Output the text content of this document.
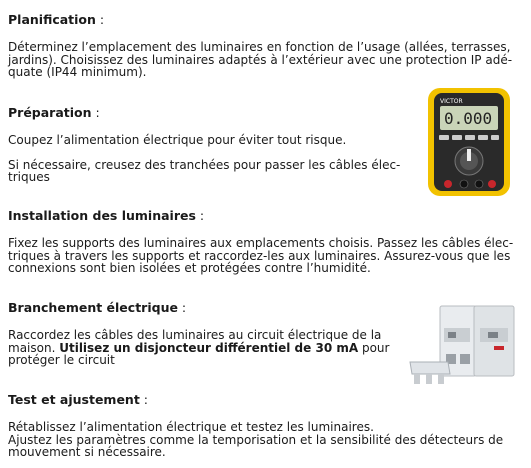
Planification :

Déterminez l’emplacement des luminaires en fonction de l’usage (allées, terrasses,
jardins). Choisissez des luminaires adaptés à l’extérieur avec une protection IP adé-
quate (IP44 minimum).

Préparation :

Coupez l’alimentation électrique pour éviter tout risque.

Si nécessaire, creusez des tranchées pour passer les câbles élec-
triques

VICTOR
0.000
Installation des luminaires :

Fixez les supports des luminaires aux emplacements choisis. Passez les câbles élec-
triques à travers les supports et raccordez-les aux luminaires. Assurez-vous que les
connexions sont bien isolées et protégées contre l’humidité.

Branchement électrique :

Raccordez les câbles des luminaires au circuit électrique de la
maison. Utilisez un disjoncteur différentiel de 30 mA pour
protéger le circuit

Test et ajustement :

Rétablissez l’alimentation électrique et testez les luminaires.
Ajustez les paramètres comme la temporisation et la sensibilité des détecteurs de
mouvement si nécessaire.
